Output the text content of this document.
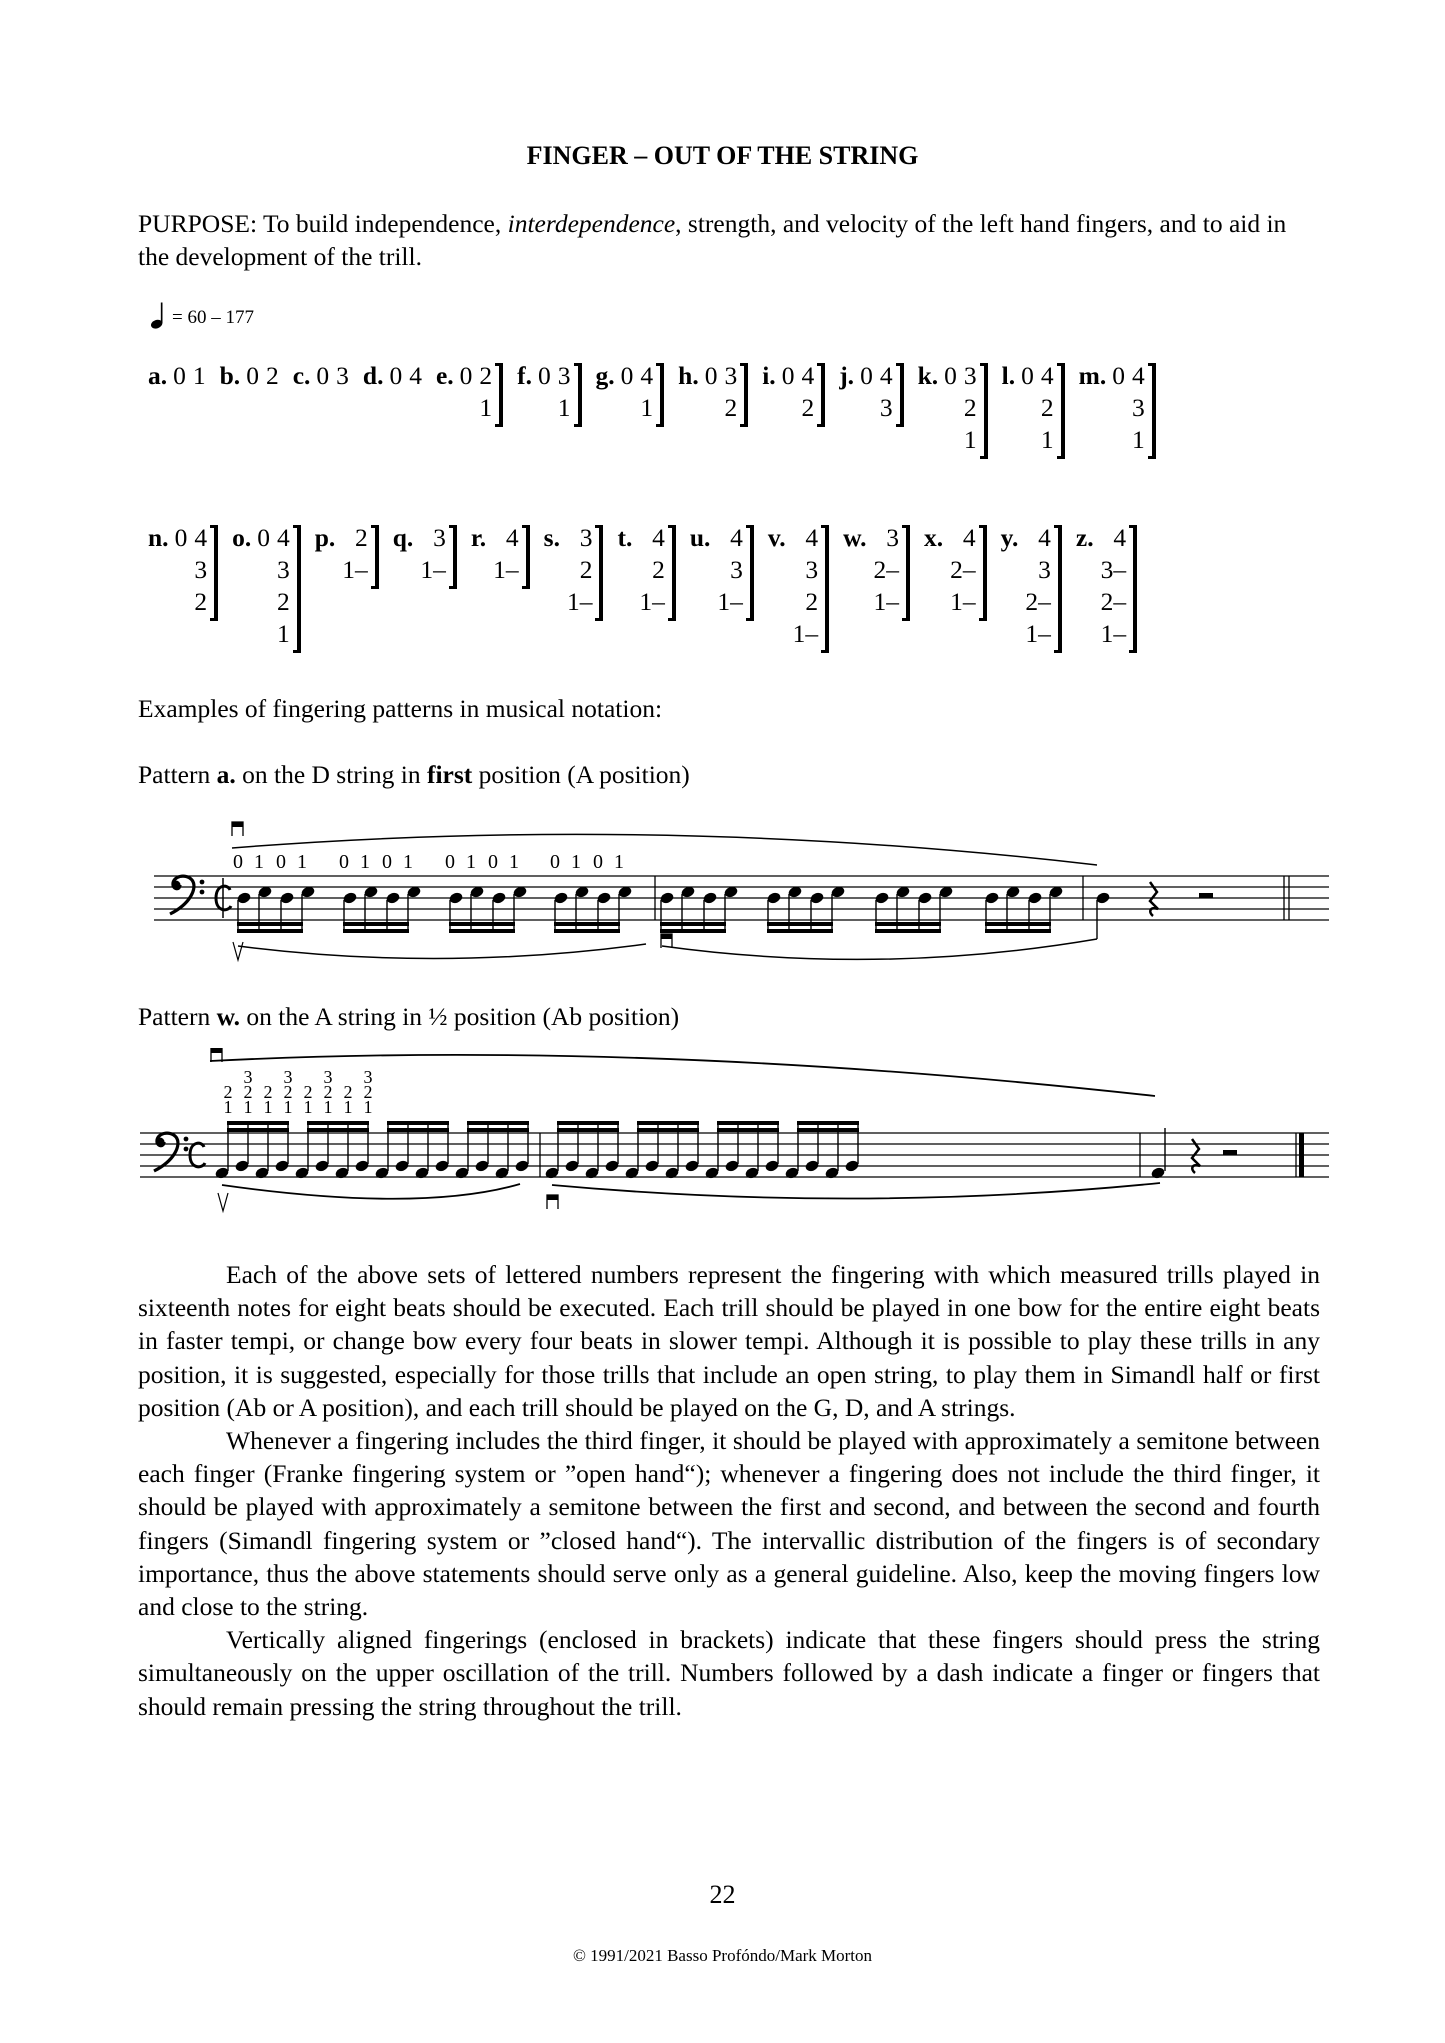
FINGER – OUT OF THE STRING
PURPOSE: To build independence, interdependence, strength, and velocity of the left hand fingers, and to aid in the development of the trill.
= 60 – 177
a. 0 1 b. 0 2 c. 0 3 d. 0 4 e. 0 2
1
f. 0 3
1
g. 0 4
1
h. 0 3
2
i. 0 4
2
j. 0 4
3
k. 0 3
2
1
l. 0 4
2
1
m. 0 4
3
1
n. 0 4
3
2
o. 0 4
3
2
1
p. 2
1–
q. 3
1–
r. 4
1–
s. 3
2
1–
t. 4
2
1–
u. 4
3
1–
v. 4
3
2
1–
w. 3
2–
1–
x. 4
2–
1–
y. 4
3
2–
1–
z. 4
3–
2–
1–

Examples of fingering patterns in musical notation:

Pattern a. on the D string in first position (A position)

0 1 0 1 0 1 0 1 0 1 0 1 0 1 0 1

Pattern w. on the A string in ½ position (Ab position)

2
1
3
2
1
2
1
3
2
1
2
1
3
2
1
2
1
3
2
1

Each of the above sets of lettered numbers represent the fingering with which measured trills played in sixteenth notes for eight beats should be executed. Each trill should be played in one bow for the entire eight beats in faster tempi, or change bow every four beats in slower tempi. Although it is possible to play these trills in any position, it is suggested, especially for those trills that include an open string, to play them in Simandl half or first position (Ab or A position), and each trill should be played on the G, D, and A strings.

Whenever a fingering includes the third finger, it should be played with approximately a semitone between each finger (Franke fingering system or ”open hand“); whenever a fingering does not include the third finger, it should be played with approximately a semitone between the first and second, and between the second and fourth fingers (Simandl fingering system or ”closed hand“). The intervallic distribution of the fingers is of secondary importance, thus the above statements should serve only as a general guideline. Also, keep the moving fingers low and close to the string.

Vertically aligned fingerings (enclosed in brackets) indicate that these fingers should press the string simultaneously on the upper oscillation of the trill. Numbers followed by a dash indicate a finger or fingers that should remain pressing the string throughout the trill.

22
© 1991/2021 Basso Profóndo/Mark Morton
